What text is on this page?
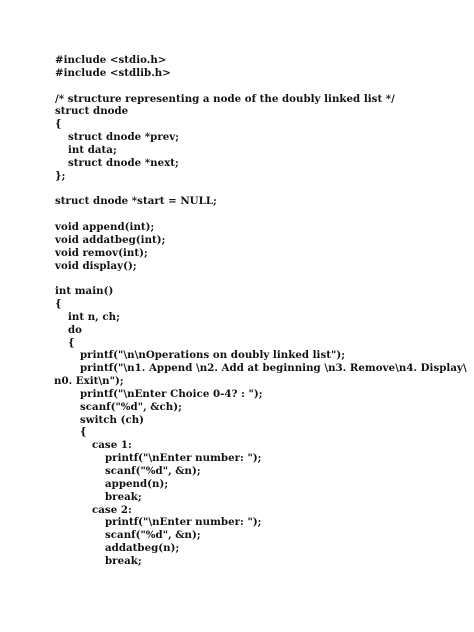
#include <stdio.h>
#include <stdlib.h>
/* structure representing a node of the doubly linked list */
struct dnode
{
struct dnode *prev;
int data;
struct dnode *next;
};
struct dnode *start = NULL;
void append(int);
void addatbeg(int);
void remov(int);
void display();
int main()
{
int n, ch;
do
{
printf("\n\nOperations on doubly linked list");
printf("\n1. Append \n2. Add at beginning \n3. Remove\n4. Display\
n0. Exit\n");
printf("\nEnter Choice 0-4? : ");
scanf("%d", &ch);
switch (ch)
{
case 1:
printf("\nEnter number: ");
scanf("%d", &n);
append(n);
break;
case 2:
printf("\nEnter number: ");
scanf("%d", &n);
addatbeg(n);
break;
